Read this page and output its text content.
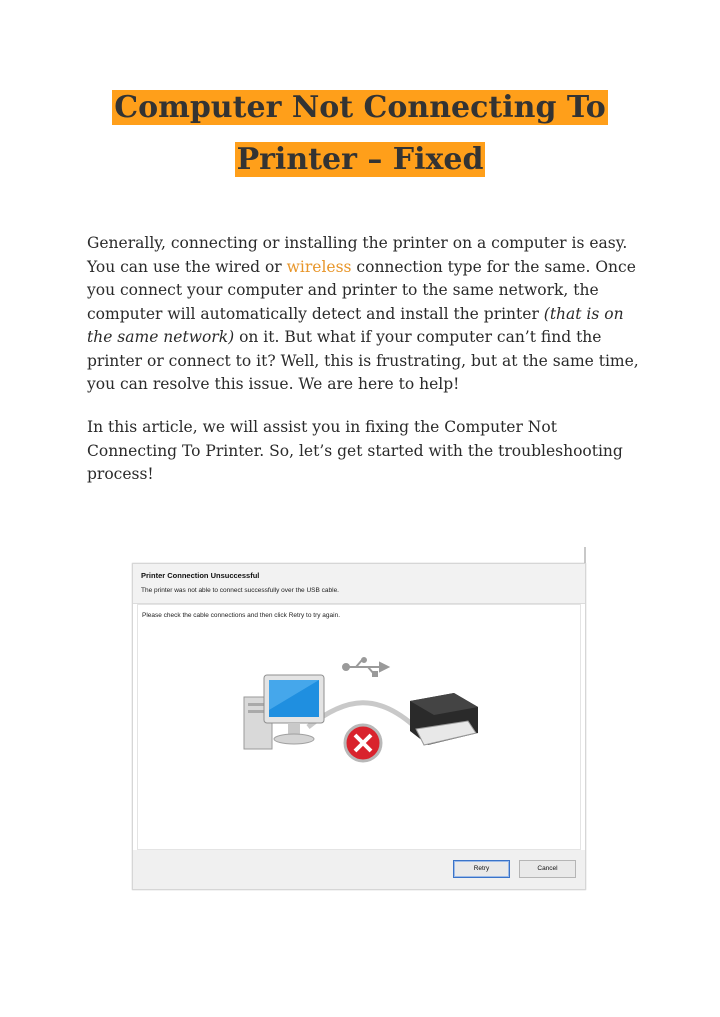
Computer Not Connecting To
Printer – Fixed
Generally, connecting or installing the printer on a computer is easy. You can use the wired or wireless connection type for the same. Once you connect your computer and printer to the same network, the computer will automatically detect and install the printer (that is on the same network) on it. But what if your computer can’t find the printer or connect to it? Well, this is frustrating, but at the same time, you can resolve this issue. We are here to help!
In this article, we will assist you in fixing the Computer Not Connecting To Printer. So, let’s get started with the troubleshooting process!
Printer Connection Unsuccessful
The printer was not able to connect successfully over the USB cable.
Please check the cable connections and then click Retry to try again.
Retry	Cancel
